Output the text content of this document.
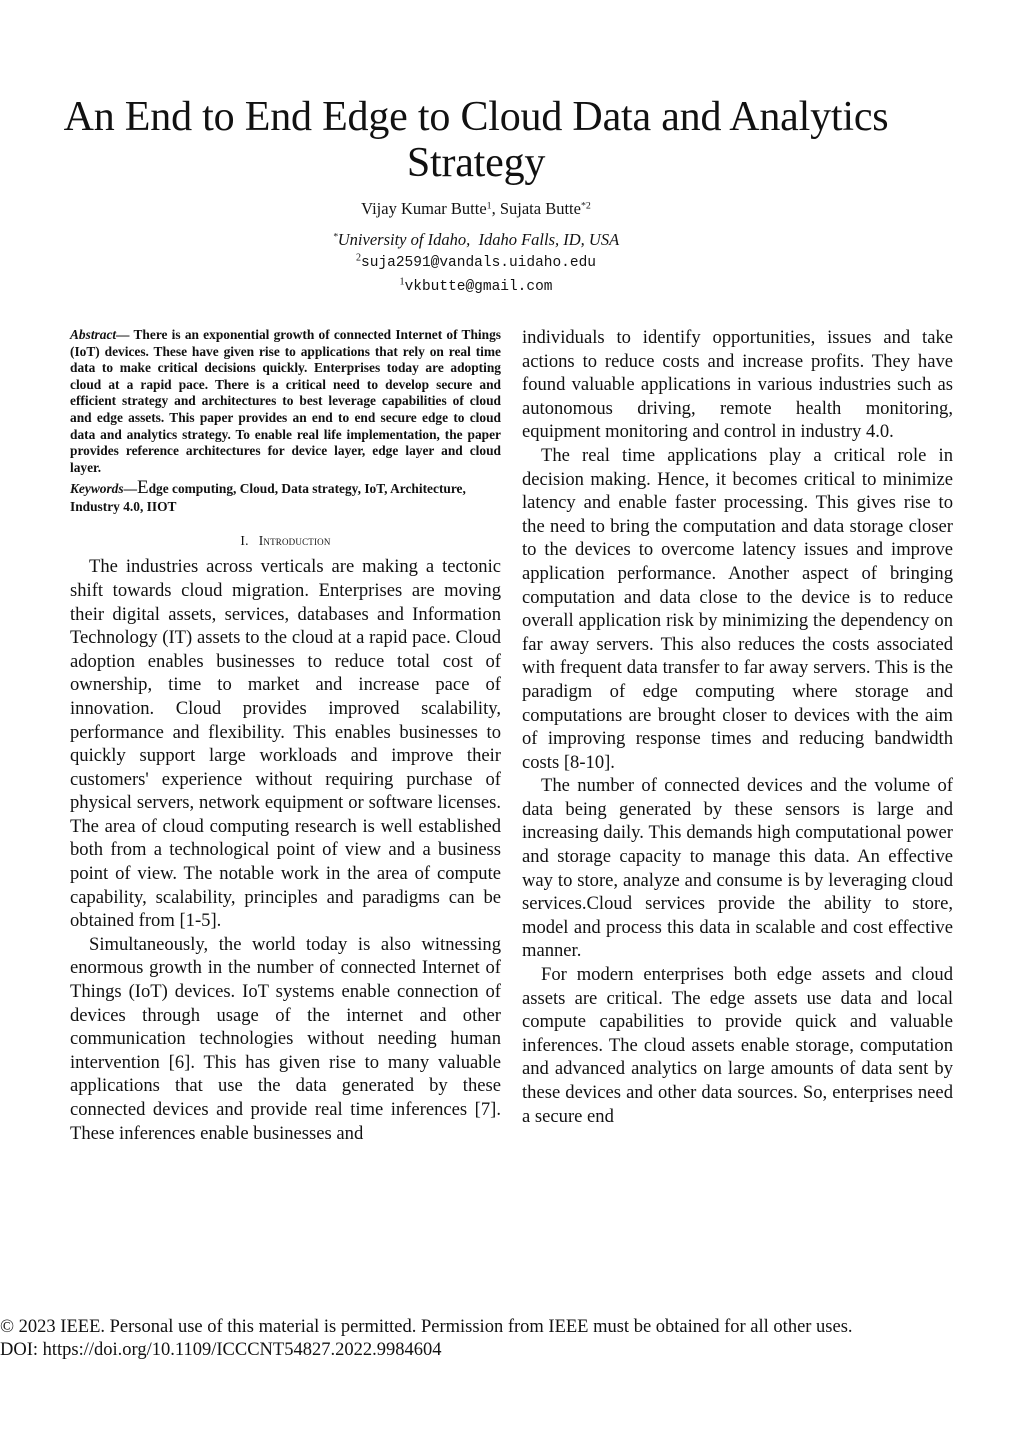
An End to End Edge to Cloud Data and Analytics Strategy
Vijay Kumar Butte$^1$, Sujata Butte$^{*2}$
*University of Idaho,  Idaho Falls, ID, USA
$^2$suja2591@vandals.uidaho.edu
$^1$vkbutte@gmail.com

Abstract— There is an exponential growth of connected Internet of Things (IoT) devices. These have given rise to applications that rely on real time data to make critical decisions quickly. Enterprises today are adopting cloud at a rapid pace. There is a critical need to develop secure and efficient strategy and architectures to best leverage capabilities of cloud and edge assets. This paper provides an end to end secure edge to cloud data and analytics strategy. To enable real life implementation, the paper provides reference architectures for device layer, edge layer and cloud layer.

Keywords—Edge computing, Cloud, Data strategy, IoT, Architecture, Industry 4.0, IIOT

I. Introduction

The industries across verticals are making a tectonic shift towards cloud migration. Enterprises are moving their digital assets, services, databases and Information Technology (IT) assets to the cloud at a rapid pace. Cloud adoption enables businesses to reduce total cost of ownership, time to market and increase pace of innovation. Cloud provides improved scalability, performance and flexibility. This enables businesses to quickly support large workloads and improve their customers' experience without requiring purchase of physical servers, network equipment or software licenses. The area of cloud computing research is well established both from a technological point of view and a business point of view. The notable work in the area of compute capability, scalability, principles and paradigms can be obtained from [1-5].

Simultaneously, the world today is also witnessing enormous growth in the number of connected Internet of Things (IoT) devices. IoT systems enable connection of devices through usage of the internet and other communication technologies without needing human intervention [6]. This has given rise to many valuable applications that use the data generated by these connected devices and provide real time inferences [7]. These inferences enable businesses and

individuals to identify opportunities, issues and take actions to reduce costs and increase profits. They have found valuable applications in various industries such as autonomous driving, remote health monitoring, equipment monitoring and control in industry 4.0.

The real time applications play a critical role in decision making. Hence, it becomes critical to minimize latency and enable faster processing. This gives rise to the need to bring the computation and data storage closer to the devices to overcome latency issues and improve application performance. Another aspect of bringing computation and data close to the device is to reduce overall application risk by minimizing the dependency on far away servers. This also reduces the costs associated with frequent data transfer to far away servers. This is the paradigm of edge computing where storage and computations are brought closer to devices with the aim of improving response times and reducing bandwidth costs [8-10].

The number of connected devices and the volume of data being generated by these sensors is large and increasing daily. This demands high computational power and storage capacity to manage this data. An effective way to store, analyze and consume is by leveraging cloud services.Cloud services provide the ability to store, model and process this data in scalable and cost effective manner.

For modern enterprises both edge assets and cloud assets are critical. The edge assets use data and local compute capabilities to provide quick and valuable inferences. The cloud assets enable storage, computation and advanced analytics on large amounts of data sent by these devices and other data sources. So, enterprises need a secure end

© 2023 IEEE. Personal use of this material is permitted. Permission from IEEE must be obtained for all other uses.
DOI: https://doi.org/10.1109/ICCCNT54827.2022.9984604
